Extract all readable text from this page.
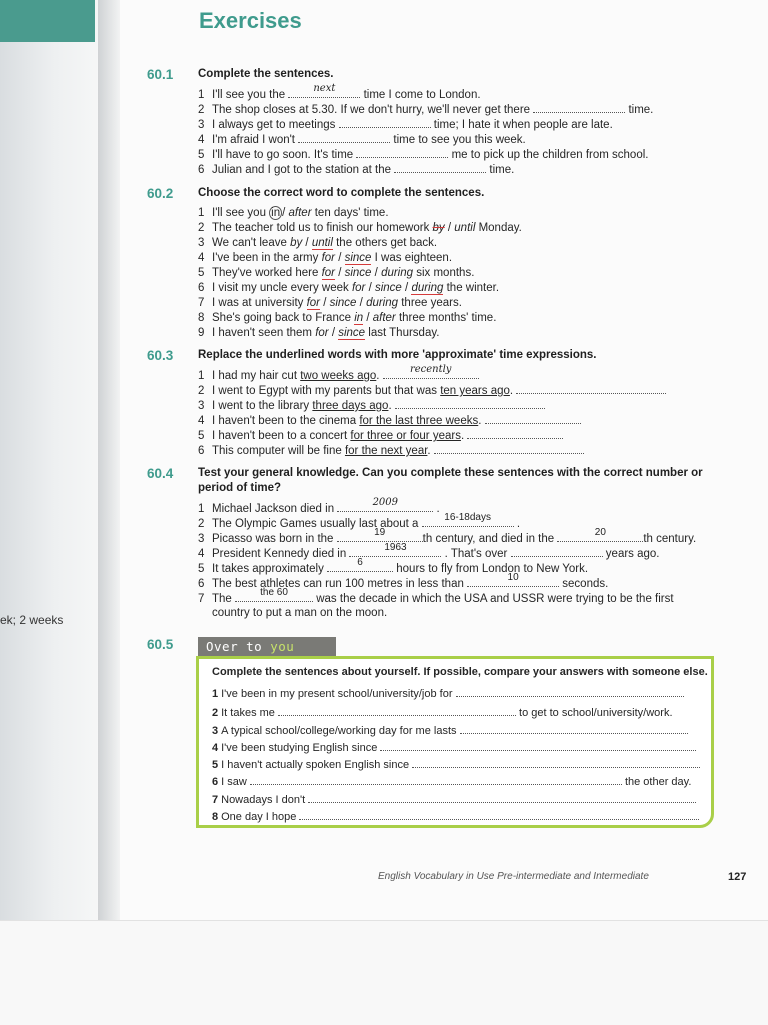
ek; 2 weeks
Exercises
60.1 Complete the sentences.
1 I'll see you the
next
time I come to London.
2 The shop closes at 5.30. If we don't hurry, we'll never get there	time.
3 I always get to meetings	time; I hate it when people are late.
4 I'm afraid I won't	time to see you this week.
5 I'll have to go soon. It's time	me to pick up the children from school.
6 Julian and I got to the station at the	time.
60.2 Choose the correct word to complete the sentences.
1 I'll see you in / after ten days' time.
2 The teacher told us to finish our homework by / until Monday.
3 We can't leave by / until the others get back.
4 I've been in the army for / since I was eighteen.
5 They've worked here for / since / during six months.
6 I visit my uncle every week for / since / during the winter.
7 I was at university for / since / during three years.
8 She's going back to France in / after three months' time.
9 I haven't seen them for / since last Thursday.
60.3 Replace the underlined words with more 'approximate' time expressions.
1 I had my hair cut two weeks ago.
recently
2 I went to Egypt with my parents but that was ten years ago.
3 I went to the library three days ago.
4 I haven't been to the cinema for the last three weeks.
5 I haven't been to a concert for three or four years.
6 This computer will be fine for the next year.
60.4 Test your general knowledge. Can you complete these sentences with the correct number or period of time?
1 Michael Jackson died in
2009
.
2 The Olympic Games usually last about a
16-18days
.
3 Picasso was born in the
19
th century, and died in the
20
th century.
4 President Kennedy died in
1963
. That's over	years ago.
5 It takes approximately
6
hours to fly from London to New York.
6 The best athletes can run 100 metres in less than
10
seconds.
7 The
the 60
was the decade in which the USA and USSR were trying to be the first
country to put a man on the moon.
60.5	Over to you
Complete the sentences about yourself. If possible, compare your answers with someone else.
1 I've been in my present school/university/job for
2 It takes me	to get to school/university/work.
3 A typical school/college/working day for me lasts
4 I've been studying English since
5 I haven't actually spoken English since
6 I saw	the other day.
7 Nowadays I don't
8 One day I hope
English Vocabulary in Use Pre-intermediate and Intermediate	127
